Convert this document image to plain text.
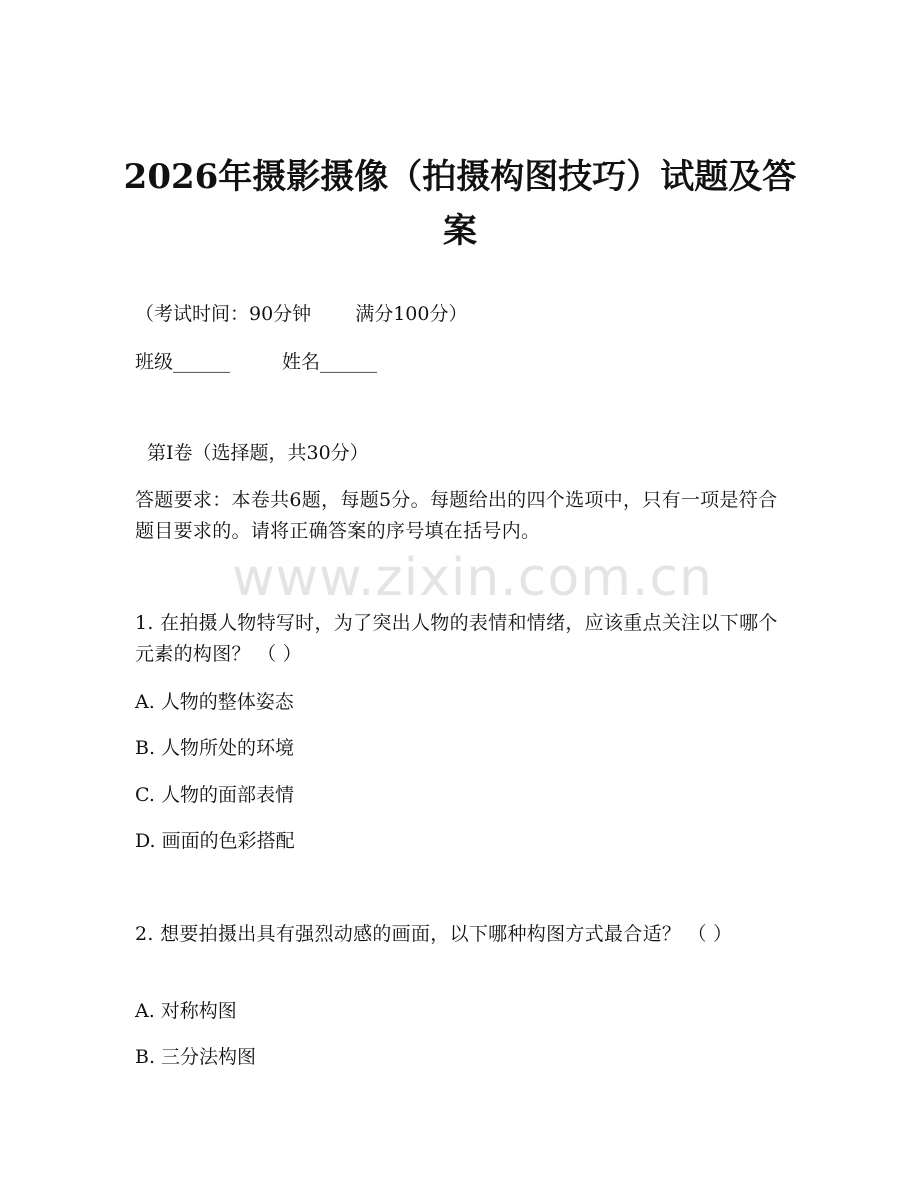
2026年摄影摄像（拍摄构图技巧）试题及答案
（考试时间：90分钟 满分100分）
班级______	姓名______
第I卷（选择题，共30分）
答题要求：本卷共6题，每题5分。每题给出的四个选项中，只有一项是符合题目要求的。请将正确答案的序号填在括号内。
www.zixin.com.cn
1. 在拍摄人物特写时，为了突出人物的表情和情绪，应该重点关注以下哪个元素的构图？ （ ）
A. 人物的整体姿态
B. 人物所处的环境
C. 人物的面部表情
D. 画面的色彩搭配
2. 想要拍摄出具有强烈动感的画面，以下哪种构图方式最合适？ （ ）
A. 对称构图
B. 三分法构图
